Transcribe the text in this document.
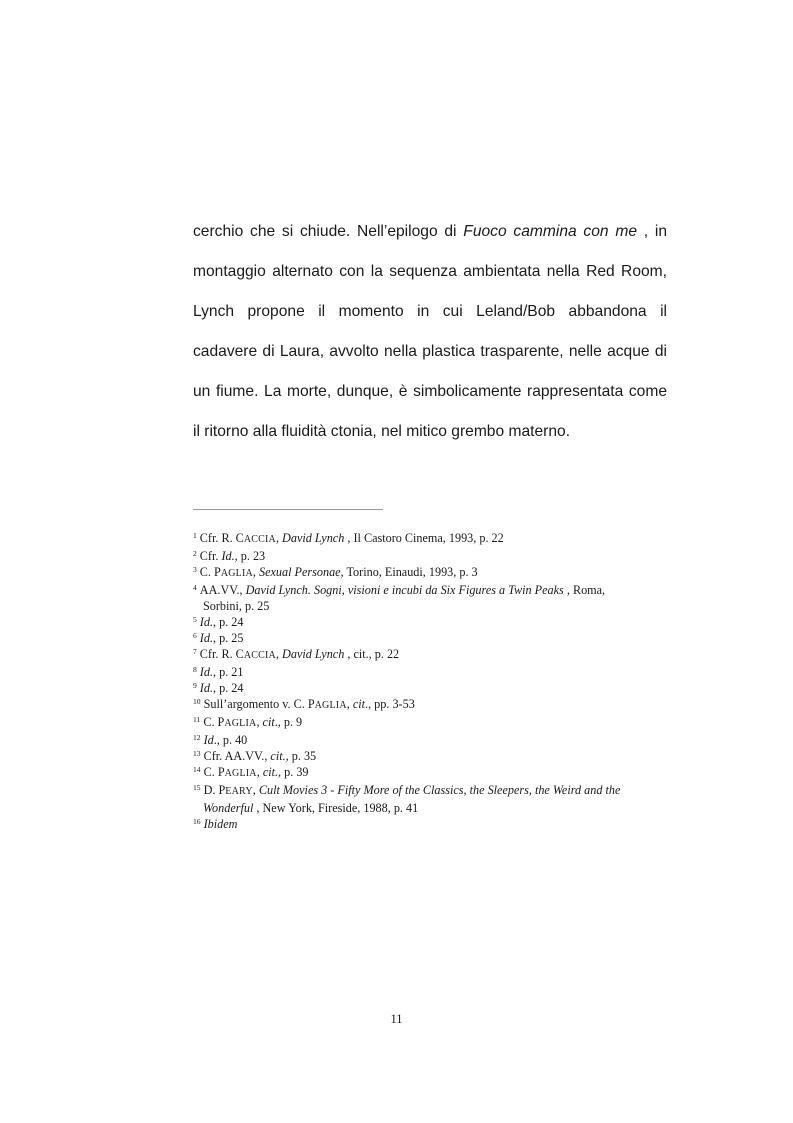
cerchio che si chiude. Nell’epilogo di Fuoco cammina con me , in
montaggio alternato con la sequenza ambientata nella Red Room,
Lynch propone il momento in cui Leland/Bob abbandona il
cadavere di Laura, avvolto nella plastica trasparente, nelle acque di
un fiume. La morte, dunque, è simbolicamente rappresentata come
il ritorno alla fluidità ctonia, nel mitico grembo materno.
$^1$ Cfr. R. CACCIA, David Lynch , Il Castoro Cinema, 1993, p. 22
$^2$ Cfr. Id., p. 23
$^3$ C. PAGLIA, Sexual Personae, Torino, Einaudi, 1993, p. 3
$^4$ AA.VV., David Lynch. Sogni, visioni e incubi da Six Figures a Twin Peaks , Roma,
Sorbini, p. 25
$^5$ Id., p. 24
$^6$ Id., p. 25
$^7$ Cfr. R. CACCIA, David Lynch , cit., p. 22
$^8$ Id., p. 21
$^9$ Id., p. 24
$^{10}$ Sull’argomento v. C. PAGLIA, cit., pp. 3-53
$^{11}$ C. PAGLIA, cit., p. 9
$^{12}$ Id., p. 40
$^{13}$ Cfr. AA.VV., cit., p. 35
$^{14}$ C. PAGLIA, cit., p. 39
$^{15}$ D. PEARY, Cult Movies 3 - Fifty More of the Classics, the Sleepers, the Weird and the
Wonderful , New York, Fireside, 1988, p. 41
$^{16}$ Ibidem
11
